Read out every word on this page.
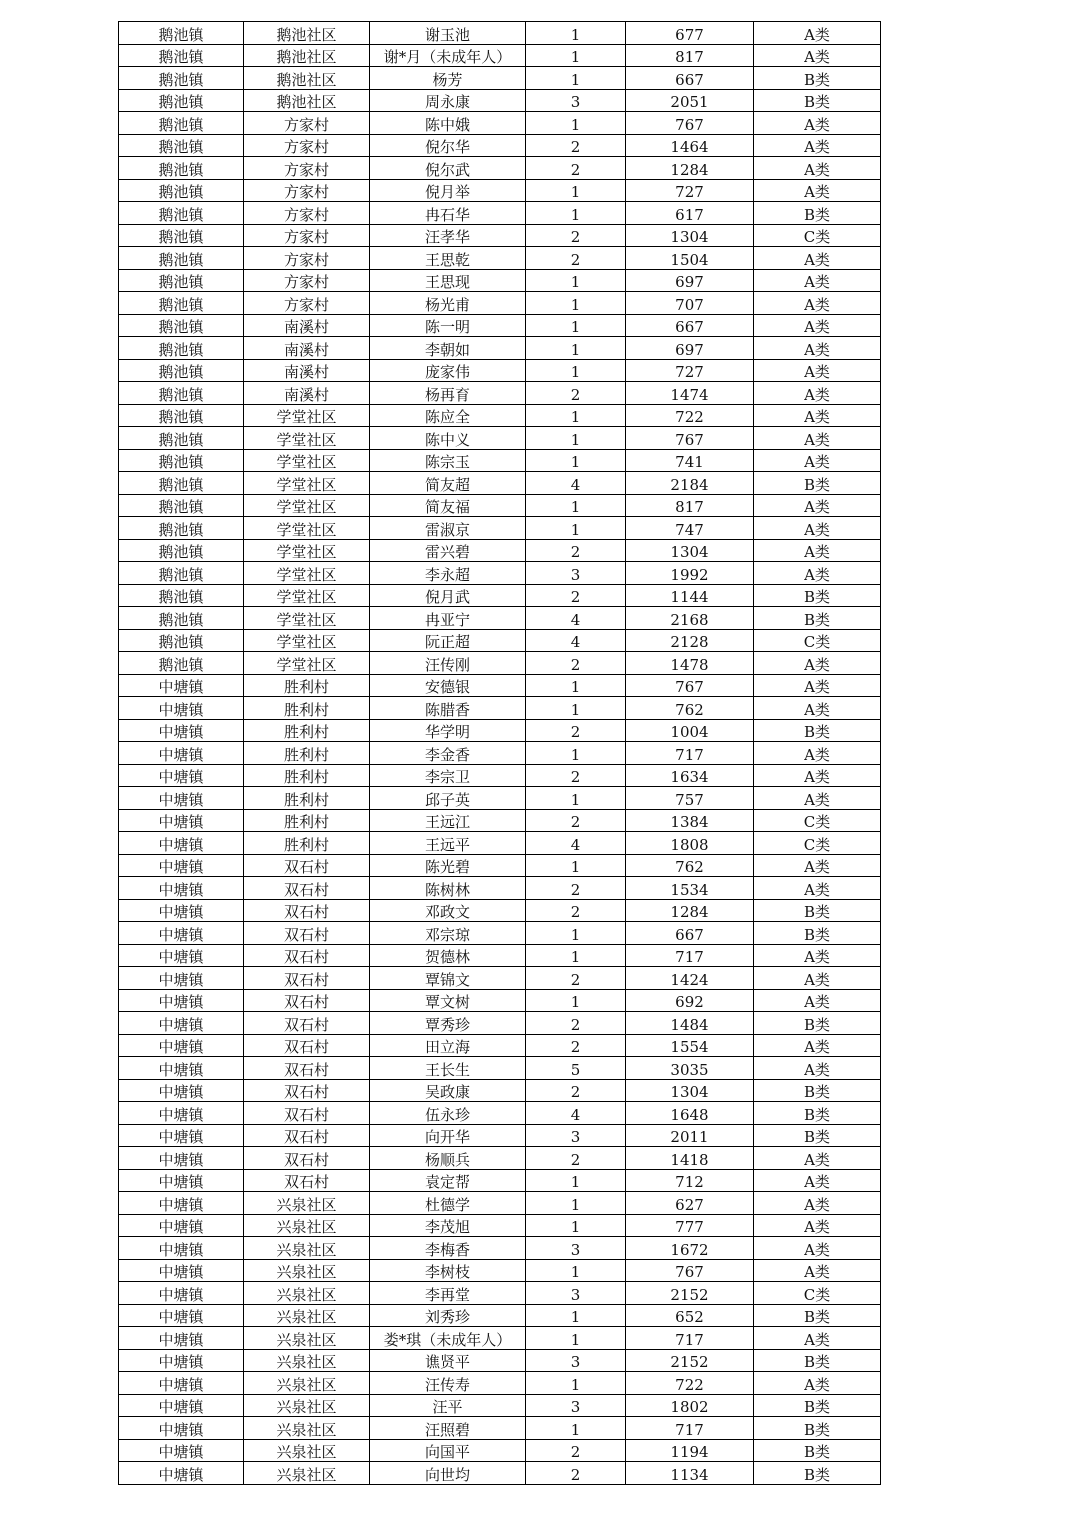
鹅池镇	鹅池社区	谢玉池	1	677	A类
鹅池镇	鹅池社区	谢*月（未成年人）	1	817	A类
鹅池镇	鹅池社区	杨芳	1	667	B类
鹅池镇	鹅池社区	周永康	3	2051	B类
鹅池镇	方家村	陈中娥	1	767	A类
鹅池镇	方家村	倪尔华	2	1464	A类
鹅池镇	方家村	倪尔武	2	1284	A类
鹅池镇	方家村	倪月举	1	727	A类
鹅池镇	方家村	冉石华	1	617	B类
鹅池镇	方家村	汪孝华	2	1304	C类
鹅池镇	方家村	王思乾	2	1504	A类
鹅池镇	方家村	王思现	1	697	A类
鹅池镇	方家村	杨光甫	1	707	A类
鹅池镇	南溪村	陈一明	1	667	A类
鹅池镇	南溪村	李朝如	1	697	A类
鹅池镇	南溪村	庞家伟	1	727	A类
鹅池镇	南溪村	杨再育	2	1474	A类
鹅池镇	学堂社区	陈应全	1	722	A类
鹅池镇	学堂社区	陈中义	1	767	A类
鹅池镇	学堂社区	陈宗玉	1	741	A类
鹅池镇	学堂社区	简友超	4	2184	B类
鹅池镇	学堂社区	简友福	1	817	A类
鹅池镇	学堂社区	雷淑京	1	747	A类
鹅池镇	学堂社区	雷兴碧	2	1304	A类
鹅池镇	学堂社区	李永超	3	1992	A类
鹅池镇	学堂社区	倪月武	2	1144	B类
鹅池镇	学堂社区	冉亚宁	4	2168	B类
鹅池镇	学堂社区	阮正超	4	2128	C类
鹅池镇	学堂社区	汪传刚	2	1478	A类
中塘镇	胜利村	安德银	1	767	A类
中塘镇	胜利村	陈腊香	1	762	A类
中塘镇	胜利村	华学明	2	1004	B类
中塘镇	胜利村	李金香	1	717	A类
中塘镇	胜利村	李宗卫	2	1634	A类
中塘镇	胜利村	邱子英	1	757	A类
中塘镇	胜利村	王远江	2	1384	C类
中塘镇	胜利村	王远平	4	1808	C类
中塘镇	双石村	陈光碧	1	762	A类
中塘镇	双石村	陈树林	2	1534	A类
中塘镇	双石村	邓政文	2	1284	B类
中塘镇	双石村	邓宗琼	1	667	B类
中塘镇	双石村	贺德林	1	717	A类
中塘镇	双石村	覃锦文	2	1424	A类
中塘镇	双石村	覃文树	1	692	A类
中塘镇	双石村	覃秀珍	2	1484	B类
中塘镇	双石村	田立海	2	1554	A类
中塘镇	双石村	王长生	5	3035	A类
中塘镇	双石村	吴政康	2	1304	B类
中塘镇	双石村	伍永珍	4	1648	B类
中塘镇	双石村	向开华	3	2011	B类
中塘镇	双石村	杨顺兵	2	1418	A类
中塘镇	双石村	袁定帮	1	712	A类
中塘镇	兴泉社区	杜德学	1	627	A类
中塘镇	兴泉社区	李茂旭	1	777	A类
中塘镇	兴泉社区	李梅香	3	1672	A类
中塘镇	兴泉社区	李树枝	1	767	A类
中塘镇	兴泉社区	李再堂	3	2152	C类
中塘镇	兴泉社区	刘秀珍	1	652	B类
中塘镇	兴泉社区	娄*琪（未成年人）	1	717	A类
中塘镇	兴泉社区	谯贤平	3	2152	B类
中塘镇	兴泉社区	汪传寿	1	722	A类
中塘镇	兴泉社区	汪平	3	1802	B类
中塘镇	兴泉社区	汪照碧	1	717	B类
中塘镇	兴泉社区	向国平	2	1194	B类
中塘镇	兴泉社区	向世均	2	1134	B类
